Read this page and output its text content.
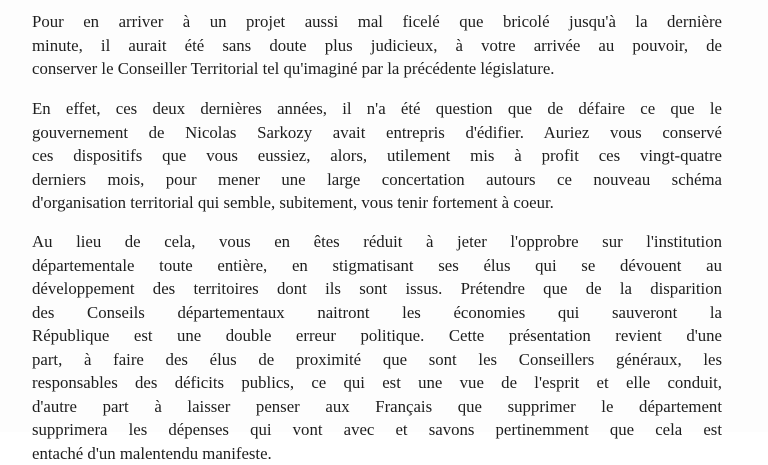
Pour en arriver à un projet aussi mal ficelé que bricolé jusqu'à la dernière
minute, il aurait été sans doute plus judicieux, à votre arrivée au pouvoir, de
conserver le Conseiller Territorial tel qu'imaginé par la précédente législature.
En effet, ces deux dernières années, il n'a été question que de défaire ce que le
gouvernement de Nicolas Sarkozy avait entrepris d'édifier. Auriez vous conservé
ces dispositifs que vous eussiez, alors, utilement mis à profit ces vingt-quatre
derniers mois, pour mener une large concertation autours ce nouveau schéma
d'organisation territorial qui semble, subitement, vous tenir fortement à coeur.
Au lieu de cela, vous en êtes réduit à jeter l'opprobre sur l'institution
départementale toute entière, en stigmatisant ses élus qui se dévouent au
développement des territoires dont ils sont issus. Prétendre que de la disparition
des Conseils départementaux naitront les économies qui sauveront la
République est une double erreur politique. Cette présentation revient d'une
part, à faire des élus de proximité que sont les Conseillers généraux, les
responsables des déficits publics, ce qui est une vue de l'esprit et elle conduit,
d'autre part à laisser penser aux Français que supprimer le département
supprimera les dépenses qui vont avec et savons pertinemment que cela est
entaché d'un malentendu manifeste.
